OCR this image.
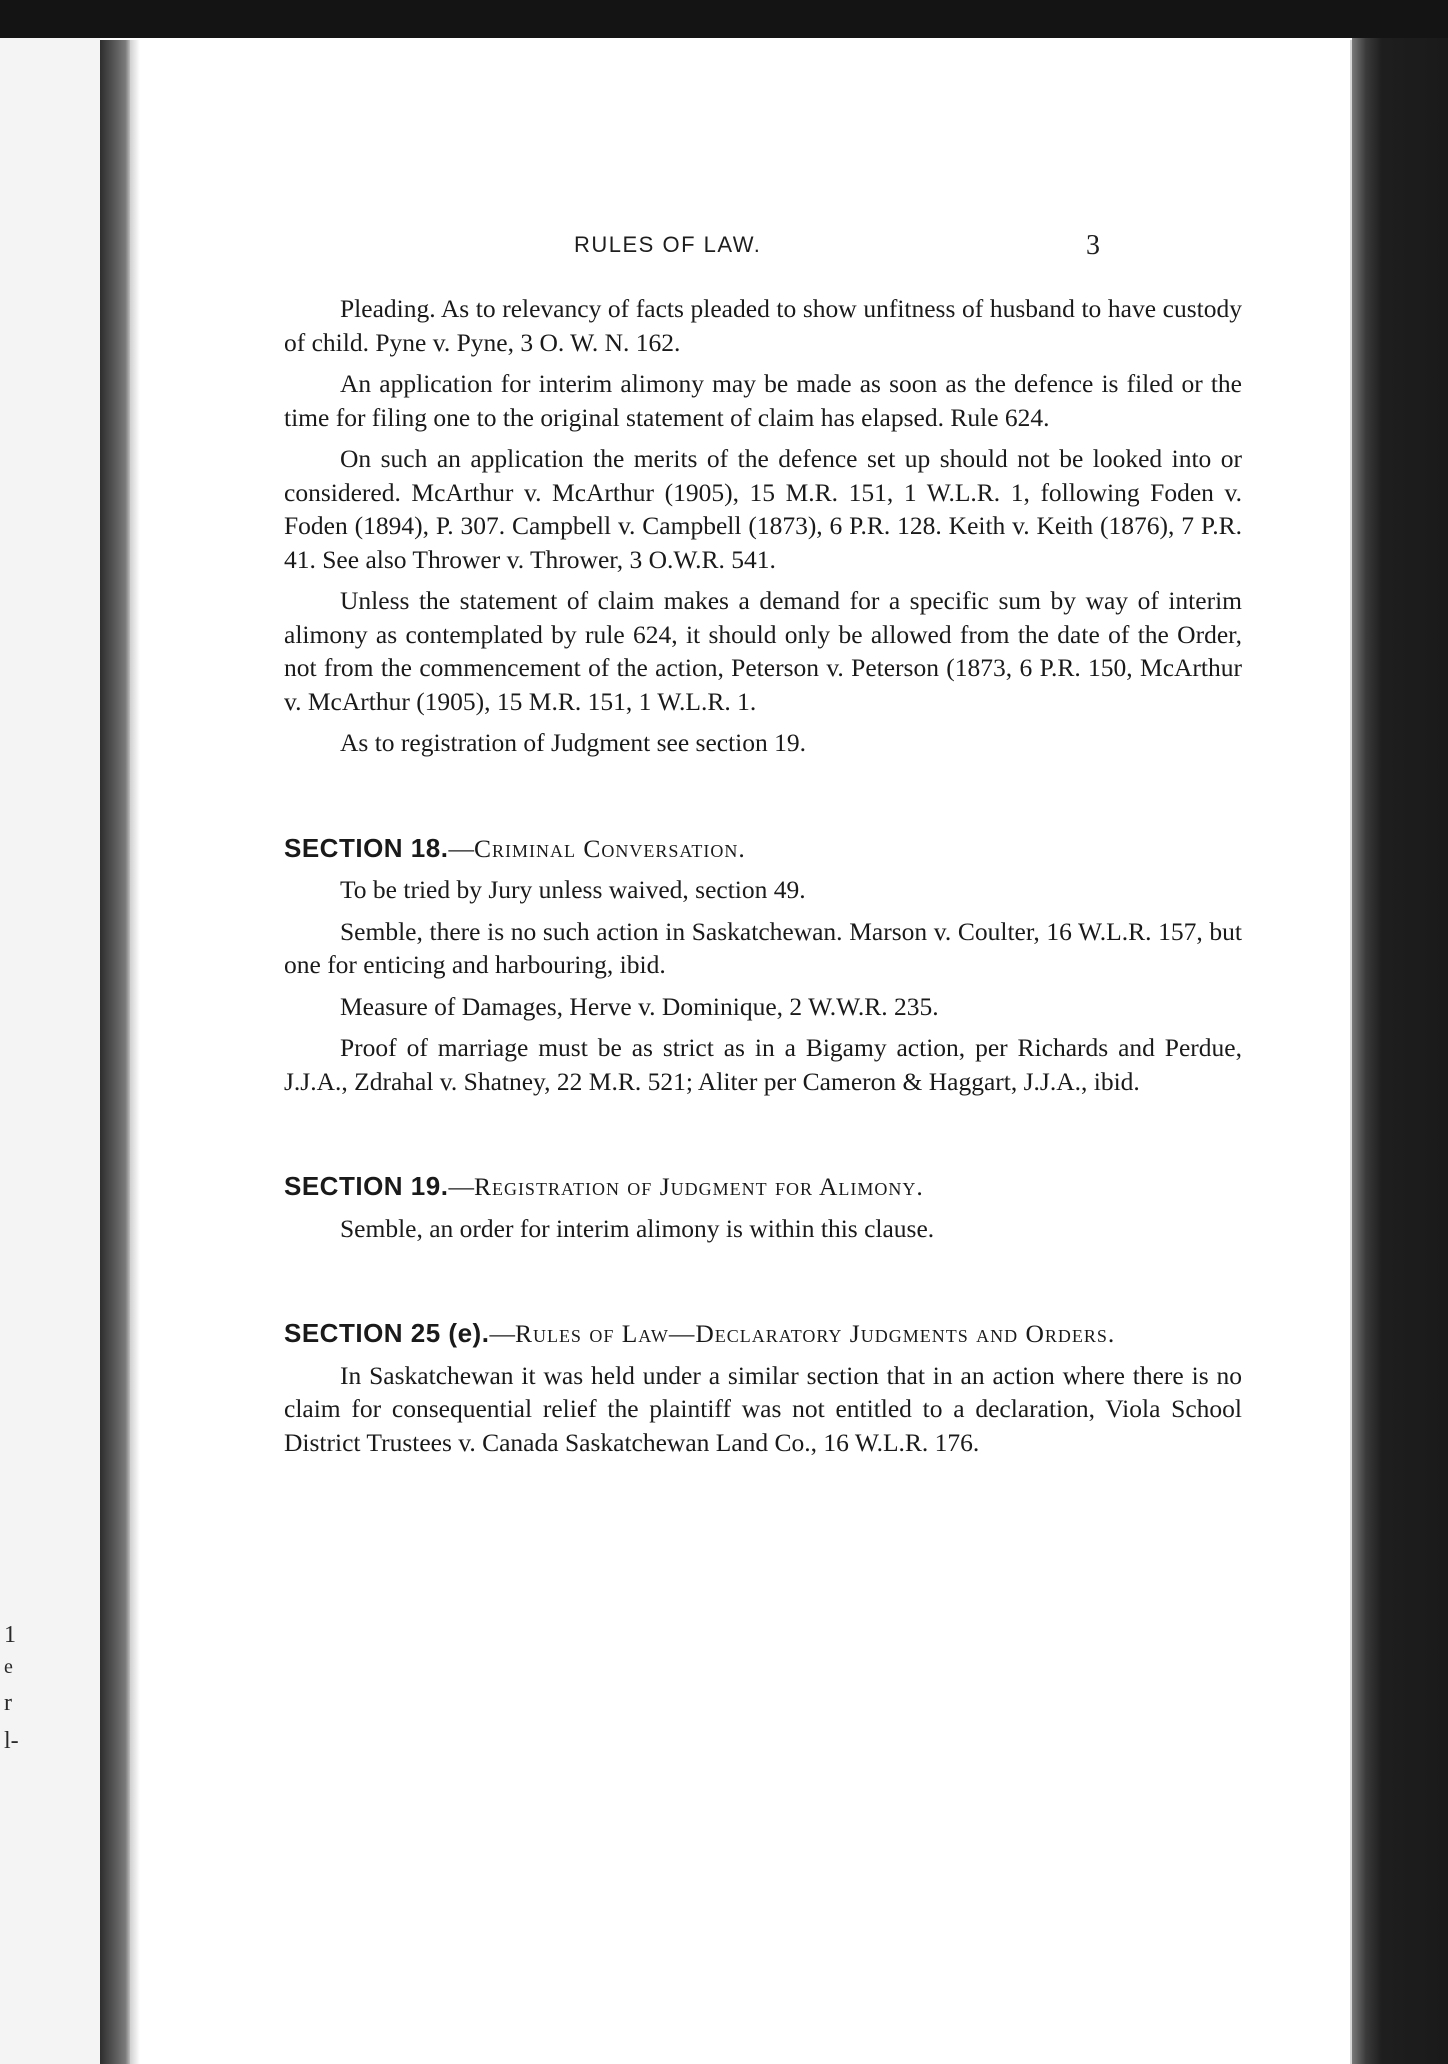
1
e
r
l-
RULES OF LAW.	3

Pleading. As to relevancy of facts pleaded to show unfitness of husband to have custody of child. Pyne v. Pyne, 3 O. W. N. 162.

An application for interim alimony may be made as soon as the defence is filed or the time for filing one to the original statement of claim has elapsed. Rule 624.

On such an application the merits of the defence set up should not be looked into or considered. McArthur v. McArthur (1905), 15 M.R. 151, 1 W.L.R. 1, following Foden v. Foden (1894), P. 307. Campbell v. Campbell (1873), 6 P.R. 128. Keith v. Keith (1876), 7 P.R. 41. See also Thrower v. Thrower, 3 O.W.R. 541.

Unless the statement of claim makes a demand for a specific sum by way of interim alimony as contemplated by rule 624, it should only be allowed from the date of the Order, not from the commencement of the action, Peterson v. Peterson (1873, 6 P.R. 150, McArthur v. McArthur (1905), 15 M.R. 151, 1 W.L.R. 1.

As to registration of Judgment see section 19.

SECTION 18.—Criminal Conversation.

To be tried by Jury unless waived, section 49.

Semble, there is no such action in Saskatchewan. Marson v. Coulter, 16 W.L.R. 157, but one for enticing and harbouring, ibid.

Measure of Damages, Herve v. Dominique, 2 W.W.R. 235.

Proof of marriage must be as strict as in a Bigamy action, per Richards and Perdue, J.J.A., Zdrahal v. Shatney, 22 M.R. 521; Aliter per Cameron & Haggart, J.J.A., ibid.

SECTION 19.—Registration of Judgment for Alimony.

Semble, an order for interim alimony is within this clause.

SECTION 25 (e).—Rules of Law—Declaratory Judgments and Orders.

In Saskatchewan it was held under a similar section that in an action where there is no claim for consequential relief the plaintiff was not entitled to a declaration, Viola School District Trustees v. Canada Saskatchewan Land Co., 16 W.L.R. 176.
